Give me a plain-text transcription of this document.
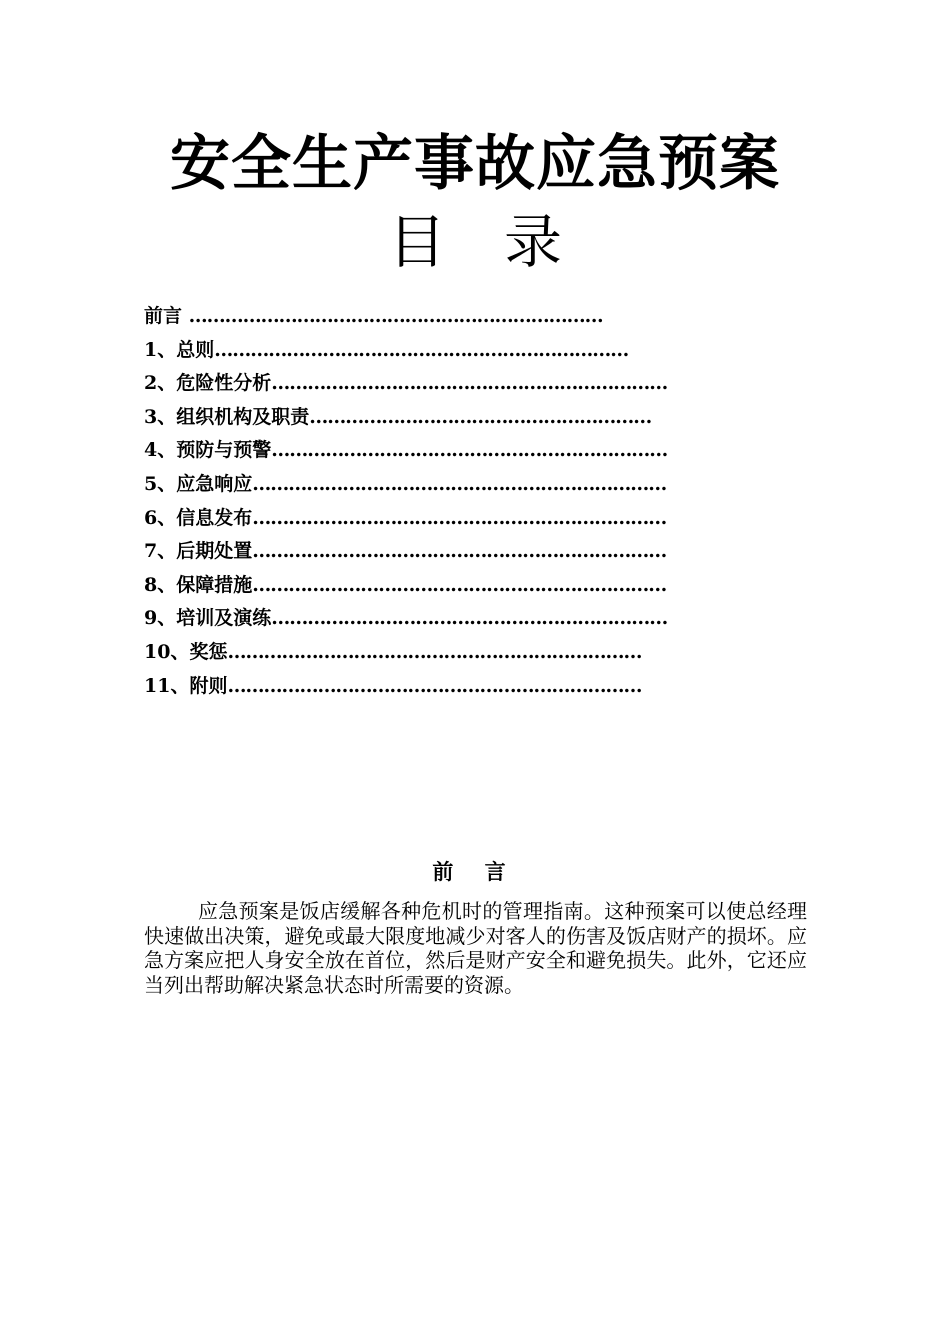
安全生产事故应急预案
目　录
前言 ……………………………………………………………
1、总则……………………………………………………………
2、危险性分析…………………………………………………………
3、组织机构及职责…………………………………………………
4、预防与预警…………………………………………………………
5、应急响应……………………………………………………………
6、信息发布……………………………………………………………
7、后期处置……………………………………………………………
8、保障措施……………………………………………………………
9、培训及演练…………………………………………………………
10、奖惩……………………………………………………………
11、附则……………………………………………………………
前 言

应急预案是饭店缓解各种危机时的管理指南。这种预案可以使总经理快速做出决策，避免或最大限度地减少对客人的伤害及饭店财产的损坏。应急方案应把人身安全放在首位，然后是财产安全和避免损失。此外，它还应当列出帮助解决紧急状态时所需要的资源。
